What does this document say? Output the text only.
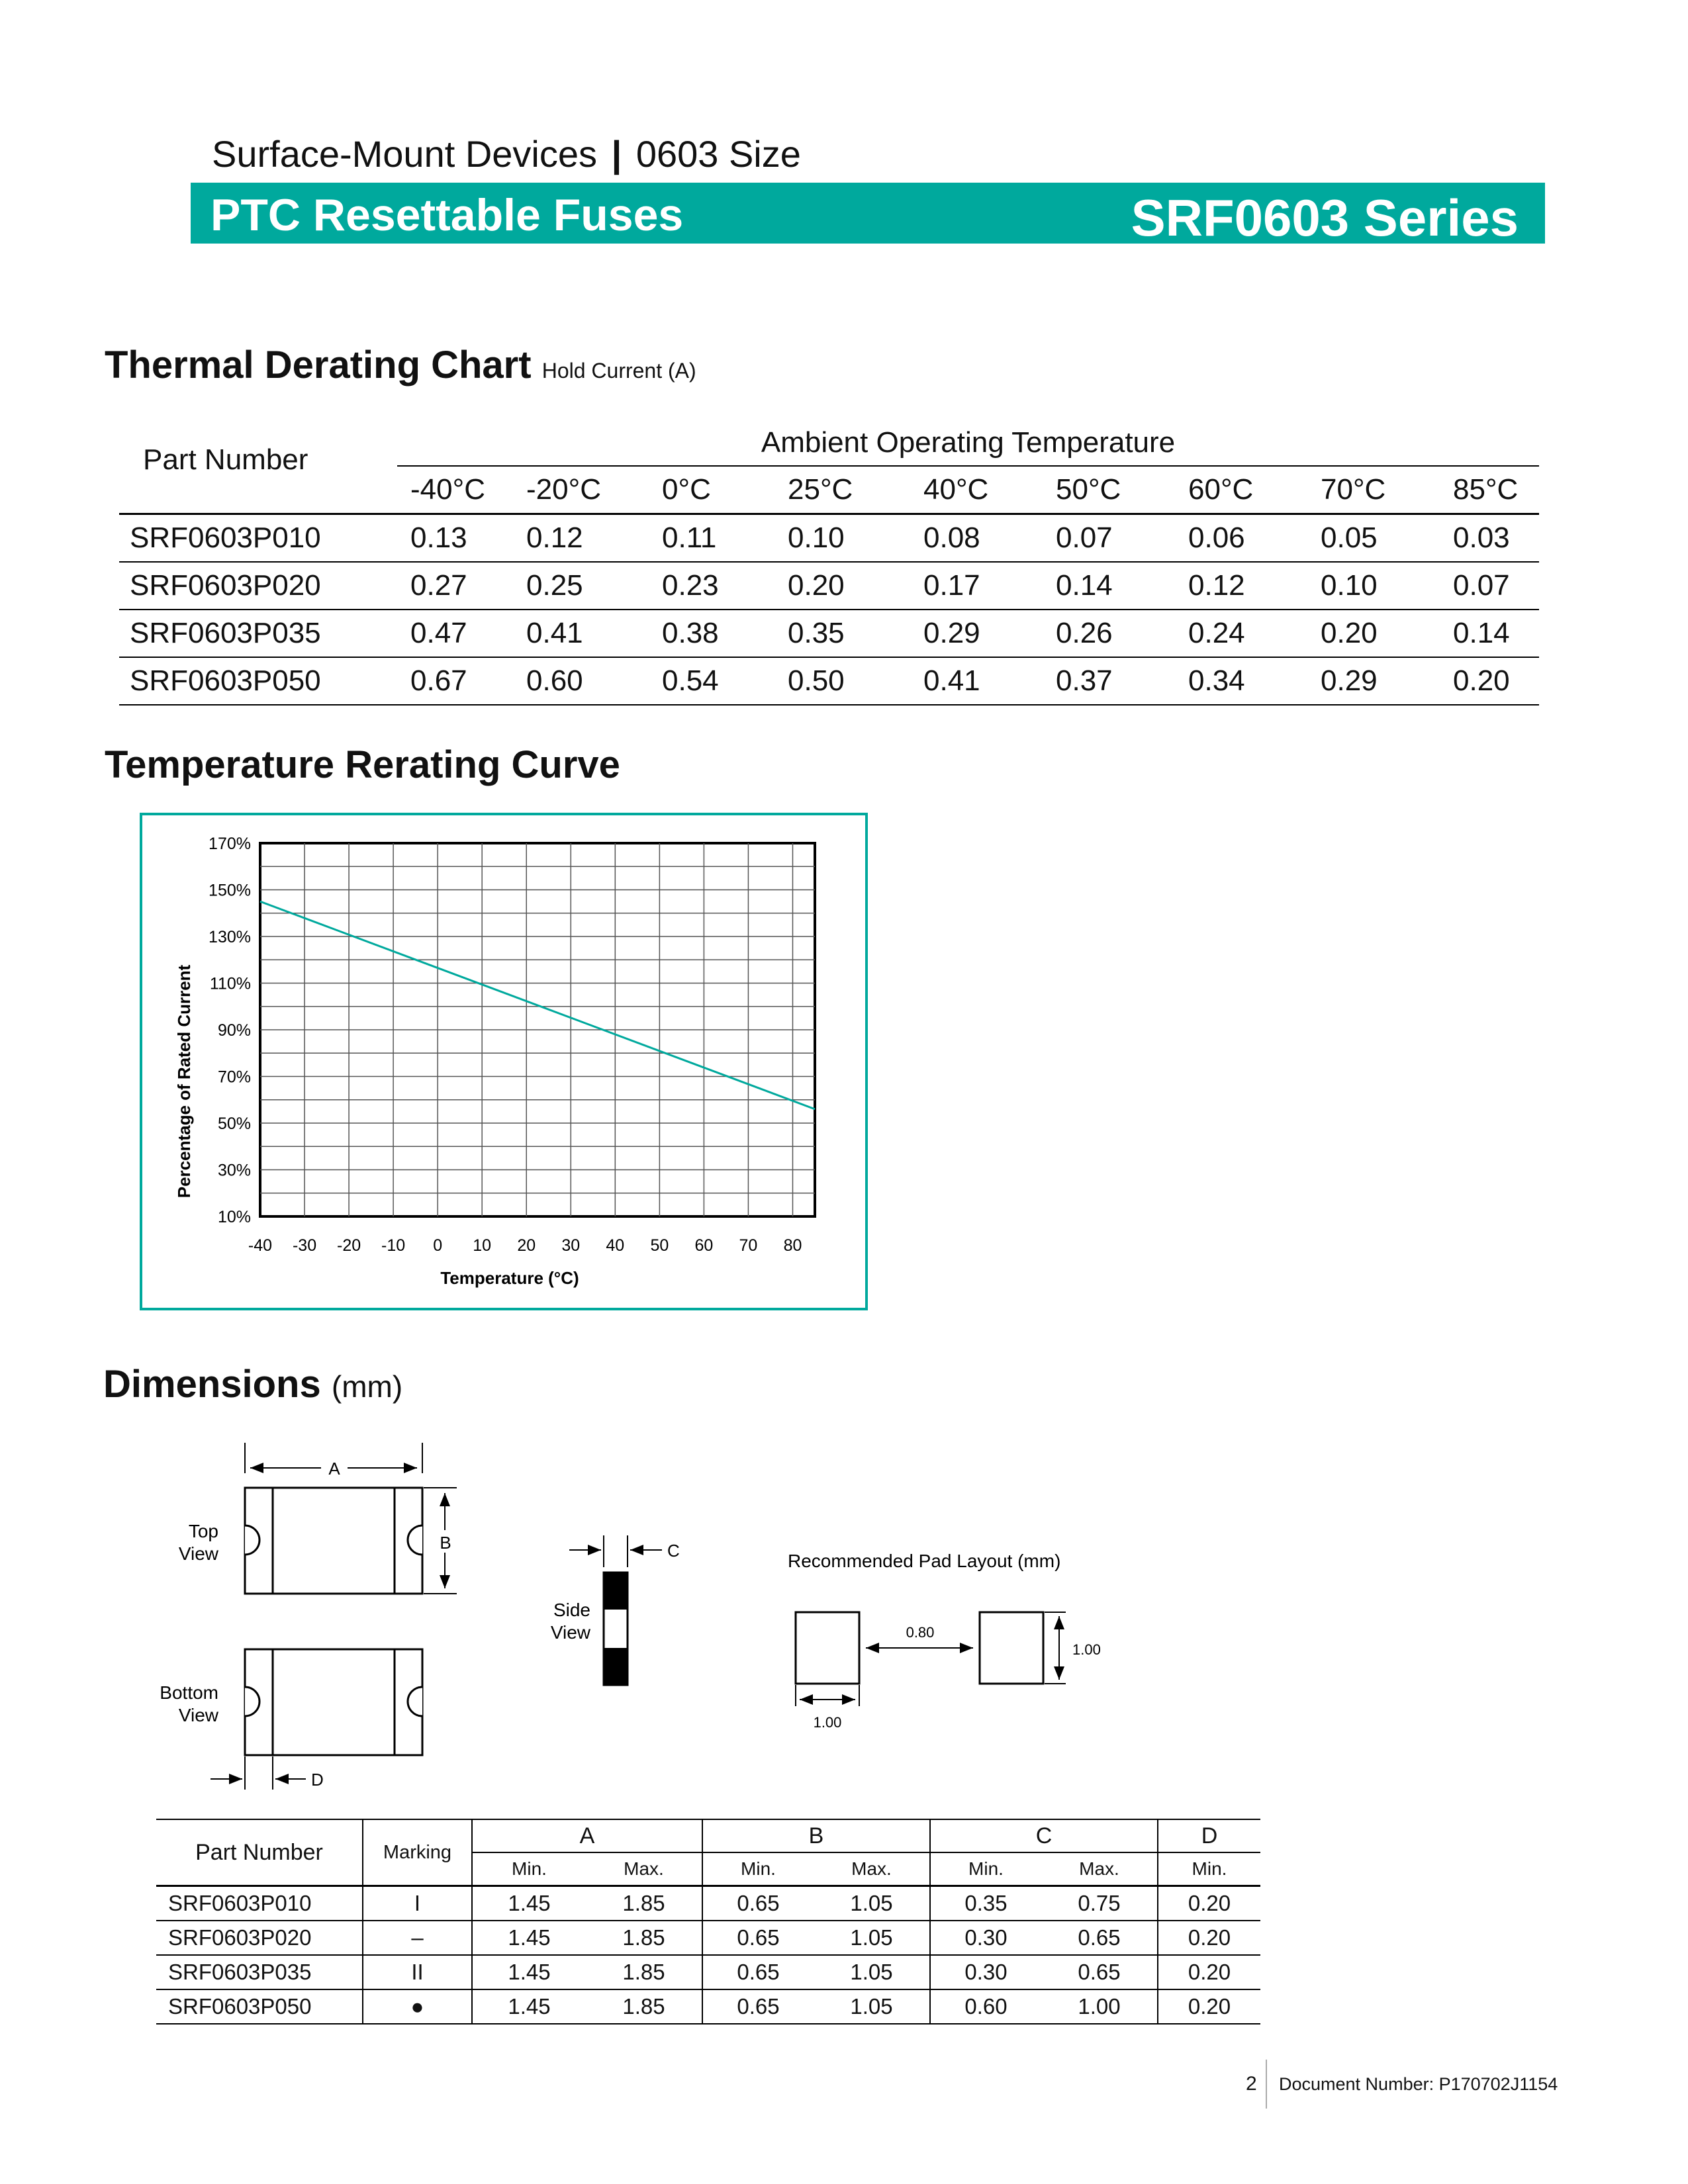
Surface-Mount Devices | 0603 Size
PTC Resettable Fuses	SRF0603 Series
Thermal Derating Chart Hold Current (A)
Part Number	Ambient Operating Temperature								
	-40°C	-20°C	0°C	25°C	40°C	50°C	60°C	70°C	85°C
SRF0603P010	0.13	0.12	0.11	0.10	0.08	0.07	0.06	0.05	0.03
SRF0603P020	0.27	0.25	0.23	0.20	0.17	0.14	0.12	0.10	0.07
SRF0603P035	0.47	0.41	0.38	0.35	0.29	0.26	0.24	0.20	0.14
SRF0603P050	0.67	0.60	0.54	0.50	0.41	0.37	0.34	0.29	0.20
Temperature Rerating Curve
10%
30%
50%
70%
90%
110%
130%
150%
170%
-40 -30 -20 -10 0 10 20 30 40 50 60 70 80
Temperature (°C)
Percentage of Rated Current
Dimensions (mm)
A
Top
View
B
Bottom
View
D
Side
View
C	Recommended Pad Layout (mm)
0.80
1.00
1.00
Part Number	Marking	A		B		C		D
		Min.	Max.	Min.	Max.	Min.	Max.	Min.
SRF0603P010	I	1.45	1.85	0.65	1.05	0.35	0.75	0.20
SRF0603P020	–	1.45	1.85	0.65	1.05	0.30	0.65	0.20
SRF0603P035	II	1.45	1.85	0.65	1.05	0.30	0.65	0.20
SRF0603P050	●	1.45	1.85	0.65	1.05	0.60	1.00	0.20
2 Document Number: P170702J1154
